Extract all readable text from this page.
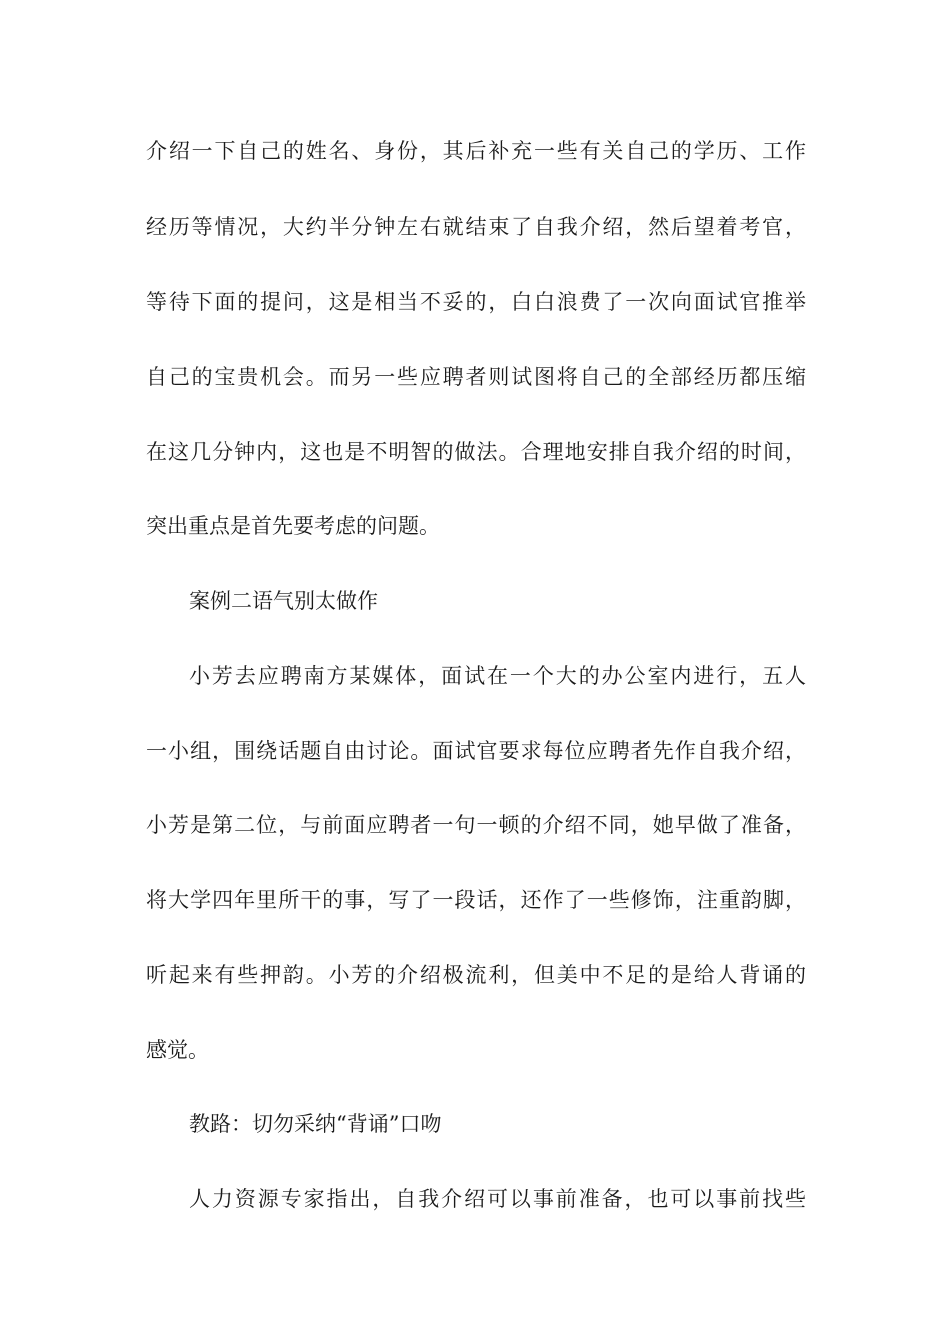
介绍一下自己的姓名、身份，其后补充一些有关自己的学历、工作

经历等情况，大约半分钟左右就结束了自我介绍，然后望着考官，

等待下面的提问，这是相当不妥的，白白浪费了一次向面试官推举

自己的宝贵机会。而另一些应聘者则试图将自己的全部经历都压缩

在这几分钟内，这也是不明智的做法。合理地安排自我介绍的时间，

突出重点是首先要考虑的问题。

案例二语气别太做作

小芳去应聘南方某媒体，面试在一个大的办公室内进行，五人

一小组，围绕话题自由讨论。面试官要求每位应聘者先作自我介绍，

小芳是第二位，与前面应聘者一句一顿的介绍不同，她早做了准备，

将大学四年里所干的事，写了一段话，还作了一些修饰，注重韵脚，

听起来有些押韵。小芳的介绍极流利，但美中不足的是给人背诵的

感觉。

教路：切勿采纳“背诵”口吻

人力资源专家指出，自我介绍可以事前准备，也可以事前找些
